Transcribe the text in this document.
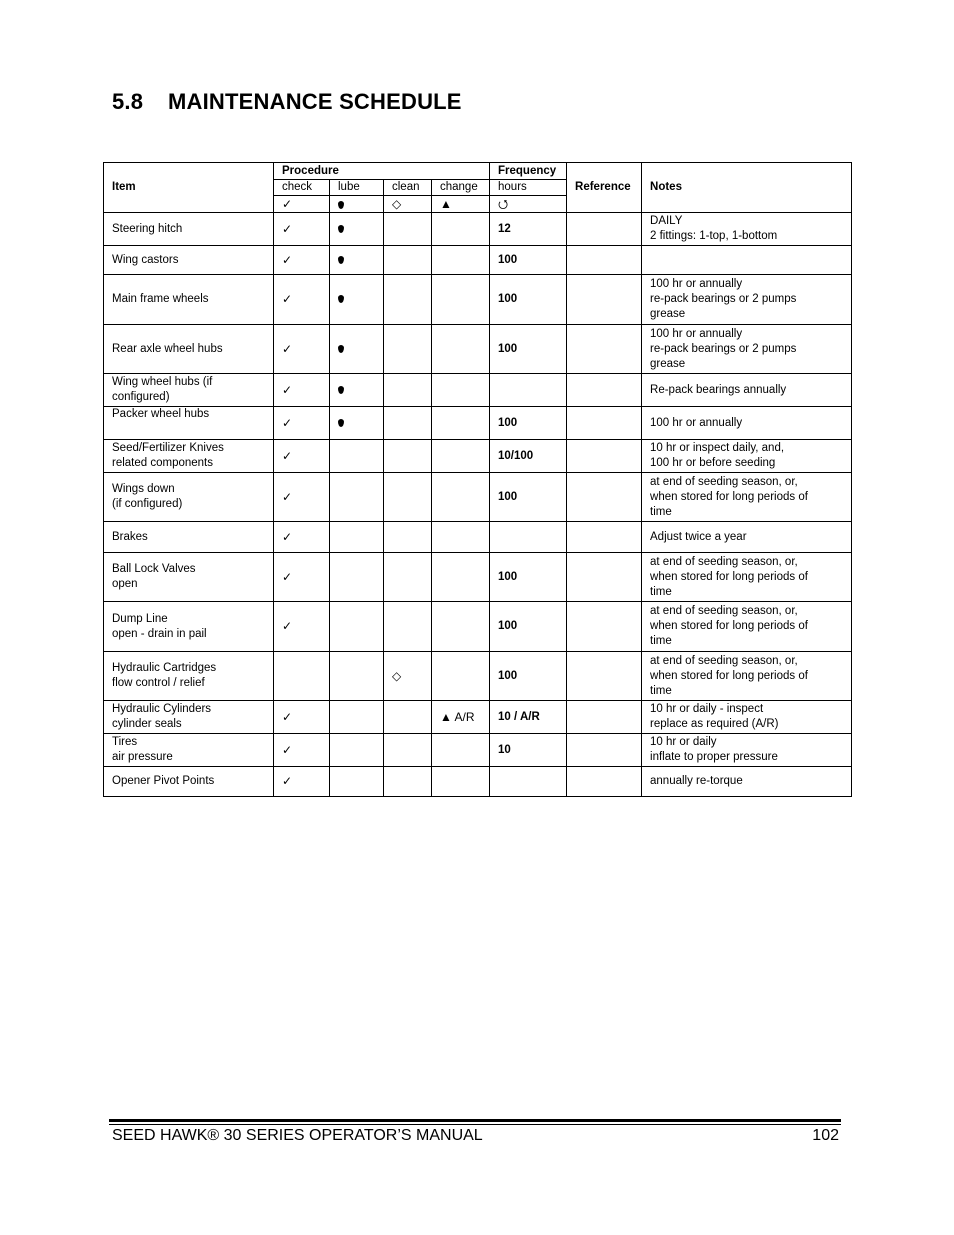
5.8 MAINTENANCE SCHEDULE
Item	Procedure				Frequency	Reference	Notes
	check	lube	clean	change	hours		
	✓		◇	▲	⭯		
Steering hitch	✓				12		DAILY
2 fittings: 1-top, 1-bottom
Wing castors	✓				100		
Main frame wheels	✓				100		100 hr or annually
re-pack bearings or 2 pumps
grease
Rear axle wheel hubs	✓				100		100 hr or annually
re-pack bearings or 2 pumps
grease
Wing wheel hubs (if
configured)	✓						Re-pack bearings annually
Packer wheel hubs	✓				100		100 hr or annually
Seed/Fertilizer Knives
related components	✓				10/100		10 hr or inspect daily, and,
100 hr or before seeding
Wings down
(if configured)	✓				100		at end of seeding season, or,
when stored for long periods of
time
Brakes	✓						Adjust twice a year
Ball Lock Valves
open	✓				100		at end of seeding season, or,
when stored for long periods of
time
Dump Line
open - drain in pail	✓				100		at end of seeding season, or,
when stored for long periods of
time
Hydraulic Cartridges
flow control / relief			◇		100		at end of seeding season, or,
when stored for long periods of
time
Hydraulic Cylinders
cylinder seals	✓			▲ A/R	10 / A/R		10 hr or daily - inspect
replace as required (A/R)
Tires
air pressure	✓				10		10 hr or daily
inflate to proper pressure
Opener Pivot Points	✓						annually re-torque
SEED HAWK® 30 SERIES OPERATOR’S MANUAL	102
